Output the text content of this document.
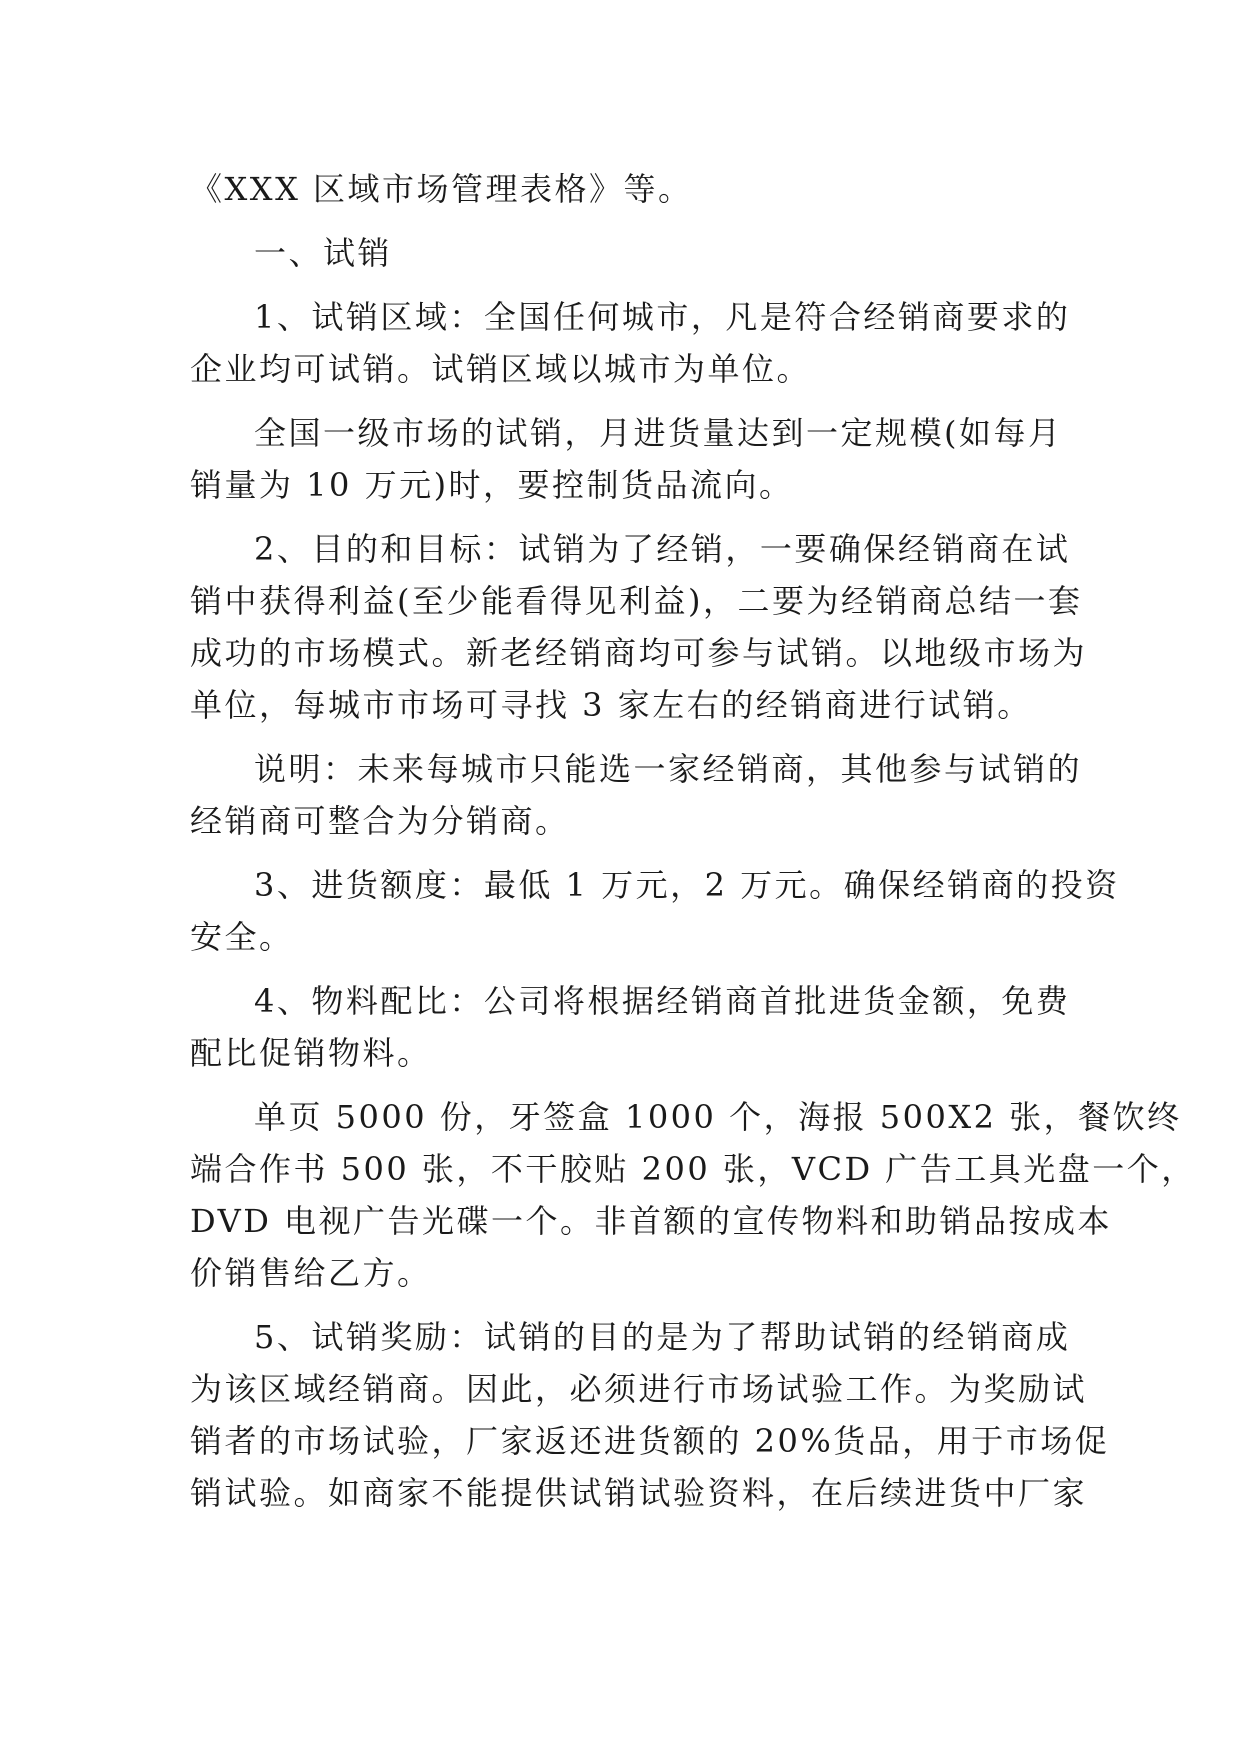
《XXX 区域市场管理表格》等。
一、试销
1、试销区域：全国任何城市，凡是符合经销商要求的
企业均可试销。试销区域以城市为单位。
全国一级市场的试销，月进货量达到一定规模(如每月
销量为 10 万元)时，要控制货品流向。
2、目的和目标：试销为了经销，一要确保经销商在试
销中获得利益(至少能看得见利益)，二要为经销商总结一套
成功的市场模式。新老经销商均可参与试销。以地级市场为
单位，每城市市场可寻找 3 家左右的经销商进行试销。
说明：未来每城市只能选一家经销商，其他参与试销的
经销商可整合为分销商。
3、进货额度：最低 1 万元，2 万元。确保经销商的投资
安全。
4、物料配比：公司将根据经销商首批进货金额，免费
配比促销物料。
单页 5000 份，牙签盒 1000 个，海报 500X2 张，餐饮终
端合作书 500 张，不干胶贴 200 张，VCD 广告工具光盘一个，
DVD 电视广告光碟一个。非首额的宣传物料和助销品按成本
价销售给乙方。
5、试销奖励：试销的目的是为了帮助试销的经销商成
为该区域经销商。因此，必须进行市场试验工作。为奖励试
销者的市场试验，厂家返还进货额的 20%货品，用于市场促
销试验。如商家不能提供试销试验资料，在后续进货中厂家
